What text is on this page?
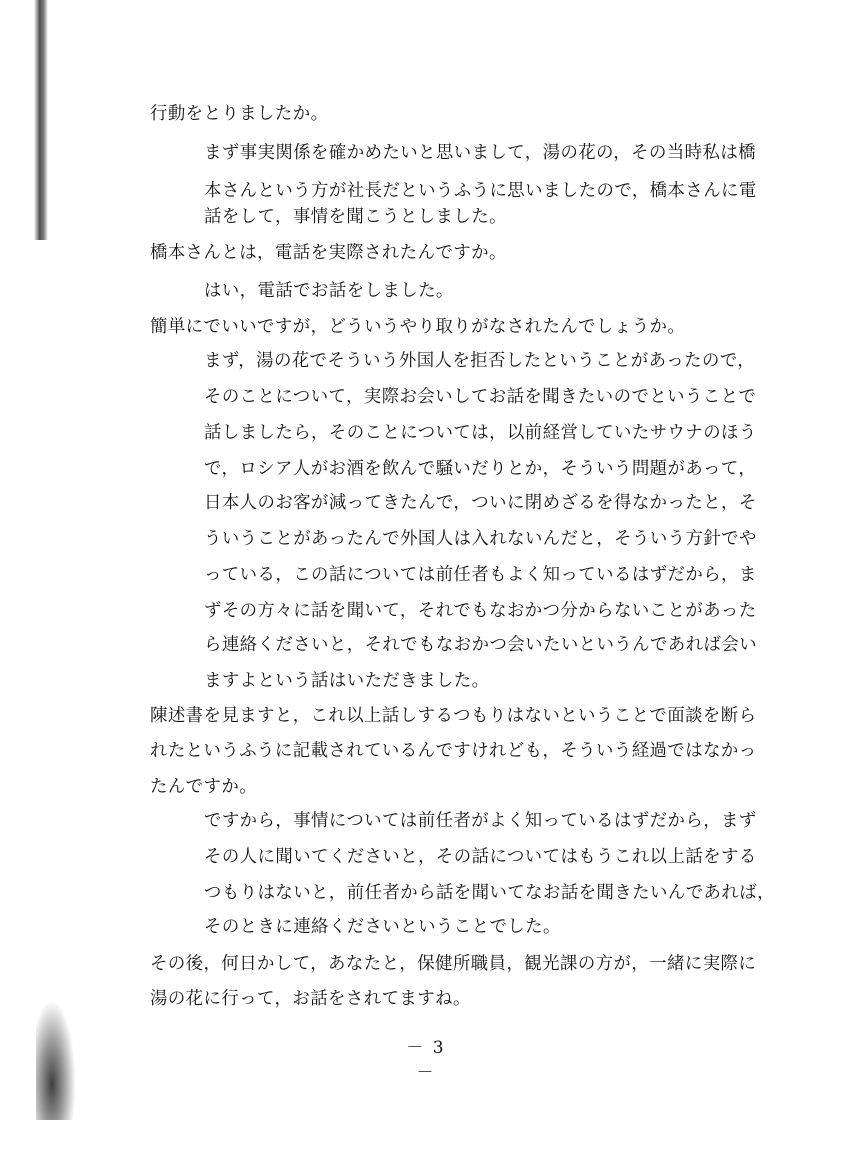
行動をとりましたか。
まず事実関係を確かめたいと思いまして，湯の花の，その当時私は橋
本さんという方が社長だというふうに思いましたので，橋本さんに電
話をして，事情を聞こうとしました。
橋本さんとは，電話を実際されたんですか。
はい，電話でお話をしました。
簡単にでいいですが，どういうやり取りがなされたんでしょうか。
まず，湯の花でそういう外国人を拒否したということがあったので，
そのことについて，実際お会いしてお話を聞きたいのでということで
話しましたら，そのことについては，以前経営していたサウナのほう
で，ロシア人がお酒を飲んで騒いだりとか，そういう問題があって，
日本人のお客が減ってきたんで，ついに閉めざるを得なかったと，そ
ういうことがあったんで外国人は入れないんだと，そういう方針でや
っている，この話については前任者もよく知っているはずだから，ま
ずその方々に話を聞いて，それでもなおかつ分からないことがあった
ら連絡くださいと，それでもなおかつ会いたいというんであれば会い
ますよという話はいただきました。
陳述書を見ますと，これ以上話しするつもりはないということで面談を断ら
れたというふうに記載されているんですけれども，そういう経過ではなかっ
たんですか。
ですから，事情については前任者がよく知っているはずだから，まず
その人に聞いてくださいと，その話についてはもうこれ以上話をする
つもりはないと，前任者から話を聞いてなお話を聞きたいんであれば，
そのときに連絡くださいということでした。
その後，何日かして，あなたと，保健所職員，観光課の方が，一緒に実際に
湯の花に行って，お話をされてますね。
－ 3 －
